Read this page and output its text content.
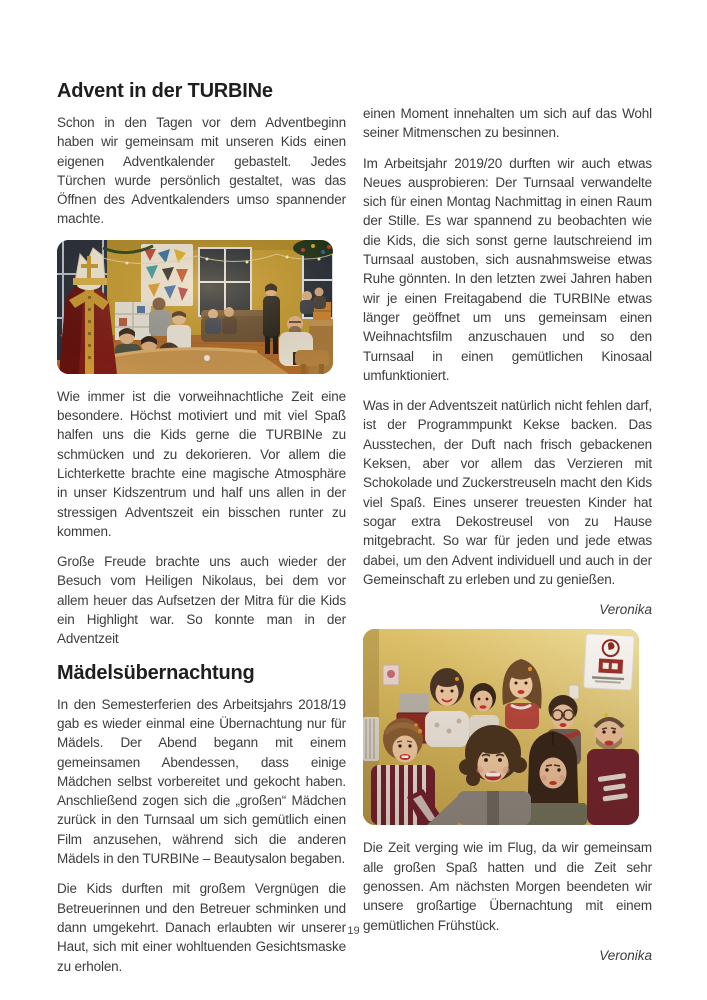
Advent in der TURBINe

Schon in den Tagen vor dem Adventbeginn haben wir gemeinsam mit unseren Kids einen eigenen Adventkalender gebastelt. Jedes Türchen wurde persönlich gestaltet, was das Öffnen des Adventkalenders umso spannender machte.

Wie immer ist die vorweihnachtliche Zeit eine besondere. Höchst motiviert und mit viel Spaß halfen uns die Kids gerne die TURBINe zu schmücken und zu dekorieren. Vor allem die Lichterkette brachte eine magische Atmosphäre in unser Kidszentrum und half uns allen in der stressigen Adventszeit ein bisschen runter zu kommen.

Große Freude brachte uns auch wieder der Besuch vom Heiligen Nikolaus, bei dem vor allem heuer das Aufsetzen der Mitra für die Kids ein Highlight war. So konnte man in der Adventzeit

Mädelsübernachtung

In den Semesterferien des Arbeitsjahrs 2018/19 gab es wieder einmal eine Übernachtung nur für Mädels. Der Abend begann mit einem gemeinsamen Abendessen, dass einige Mädchen selbst vorbereitet und gekocht haben. Anschließend zogen sich die „großen“ Mädchen zurück in den Turnsaal um sich gemütlich einen Film anzusehen, während sich die anderen Mädels in den TURBINe – Beautysalon begaben.

Die Kids durften mit großem Vergnügen die Betreuerinnen und den Betreuer schminken und dann umgekehrt. Danach erlaubten wir unserer Haut, sich mit einer wohltuenden Gesichtsmaske zu erholen.

einen Moment innehalten um sich auf das Wohl seiner Mitmenschen zu besinnen.

Im Arbeitsjahr 2019/20 durften wir auch etwas Neues ausprobieren: Der Turnsaal verwandelte sich für einen Montag Nachmittag in einen Raum der Stille. Es war spannend zu beobachten wie die Kids, die sich sonst gerne lautschreiend im Turnsaal austoben, sich ausnahmsweise etwas Ruhe gönnten. In den letzten zwei Jahren haben wir je einen Freitagabend die TURBINe etwas länger geöffnet um uns gemeinsam einen Weihnachtsfilm anzuschauen und so den Turnsaal in einen gemütlichen Kinosaal umfunktioniert.

Was in der Adventszeit natürlich nicht fehlen darf, ist der Programmpunkt Kekse backen. Das Ausstechen, der Duft nach frisch gebackenen Keksen, aber vor allem das Verzieren mit Schokolade und Zuckerstreuseln macht den Kids viel Spaß. Eines unserer treuesten Kinder hat sogar extra Dekostreusel von zu Hause mitgebracht. So war für jeden und jede etwas dabei, um den Advent individuell und auch in der Gemeinschaft zu erleben und zu genießen.

Veronika

Die Zeit verging wie im Flug, da wir gemeinsam alle großen Spaß hatten und die Zeit sehr genossen. Am nächsten Morgen beendeten wir unsere großartige Übernachtung mit einem gemütlichen Frühstück.

Veronika

19
